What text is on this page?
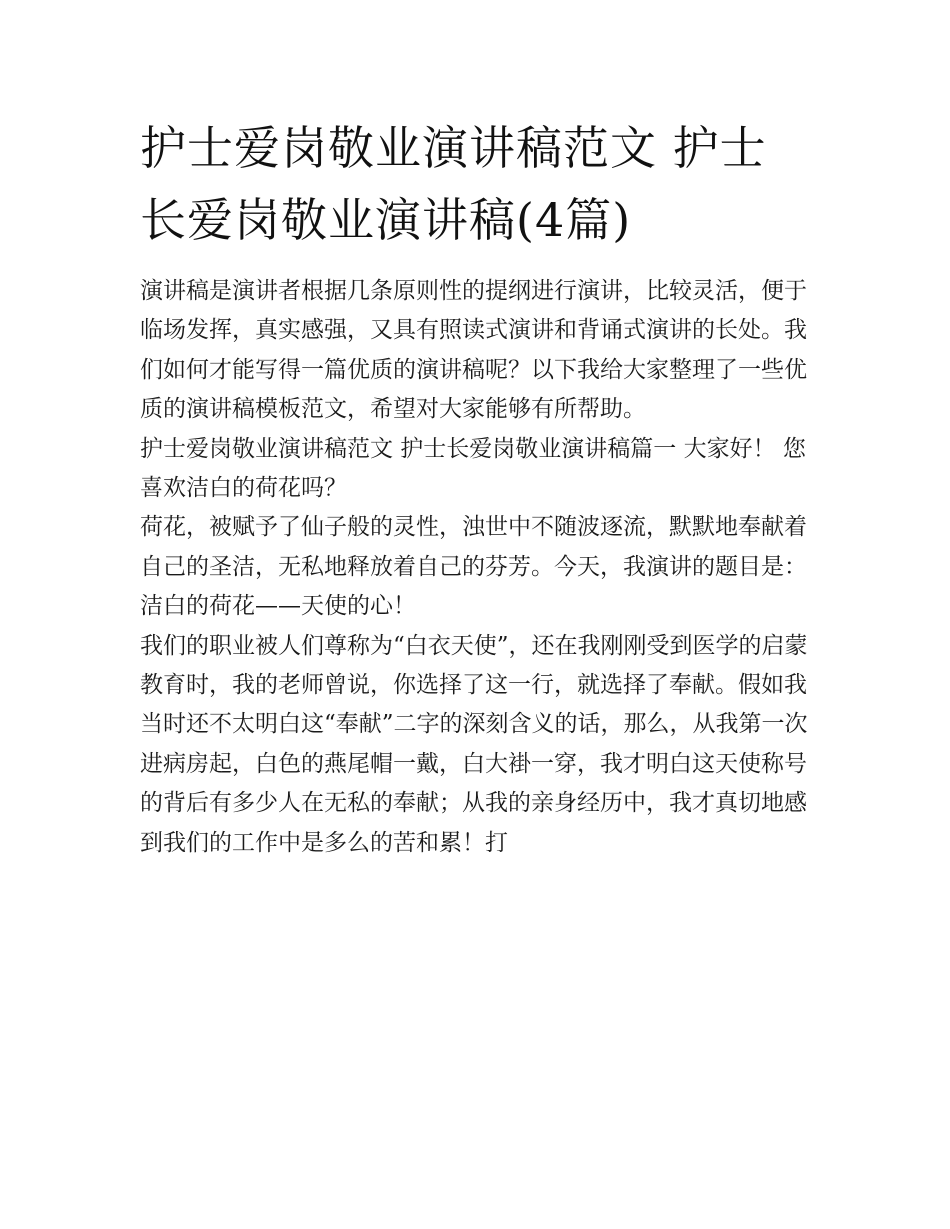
护士爱岗敬业演讲稿范文 护士长爱岗敬业演讲稿(4篇)

演讲稿是演讲者根据几条原则性的提纲进行演讲，比较灵活，便于临场发挥，真实感强，又具有照读式演讲和背诵式演讲的长处。我们如何才能写得一篇优质的演讲稿呢？以下我给大家整理了一些优质的演讲稿模板范文，希望对大家能够有所帮助。

护士爱岗敬业演讲稿范文 护士长爱岗敬业演讲稿篇一 大家好！ 您喜欢洁白的荷花吗？

荷花，被赋予了仙子般的灵性，浊世中不随波逐流，默默地奉献着自己的圣洁，无私地释放着自己的芬芳。今天，我演讲的题目是：洁白的荷花——天使的心！

我们的职业被人们尊称为“白衣天使”，还在我刚刚受到医学的启蒙教育时，我的老师曾说，你选择了这一行，就选择了奉献。假如我当时还不太明白这“奉献”二字的深刻含义的话，那么，从我第一次进病房起，白色的燕尾帽一戴，白大褂一穿，我才明白这天使称号的背后有多少人在无私的奉献；从我的亲身经历中，我才真切地感到我们的工作中是多么的苦和累！打
